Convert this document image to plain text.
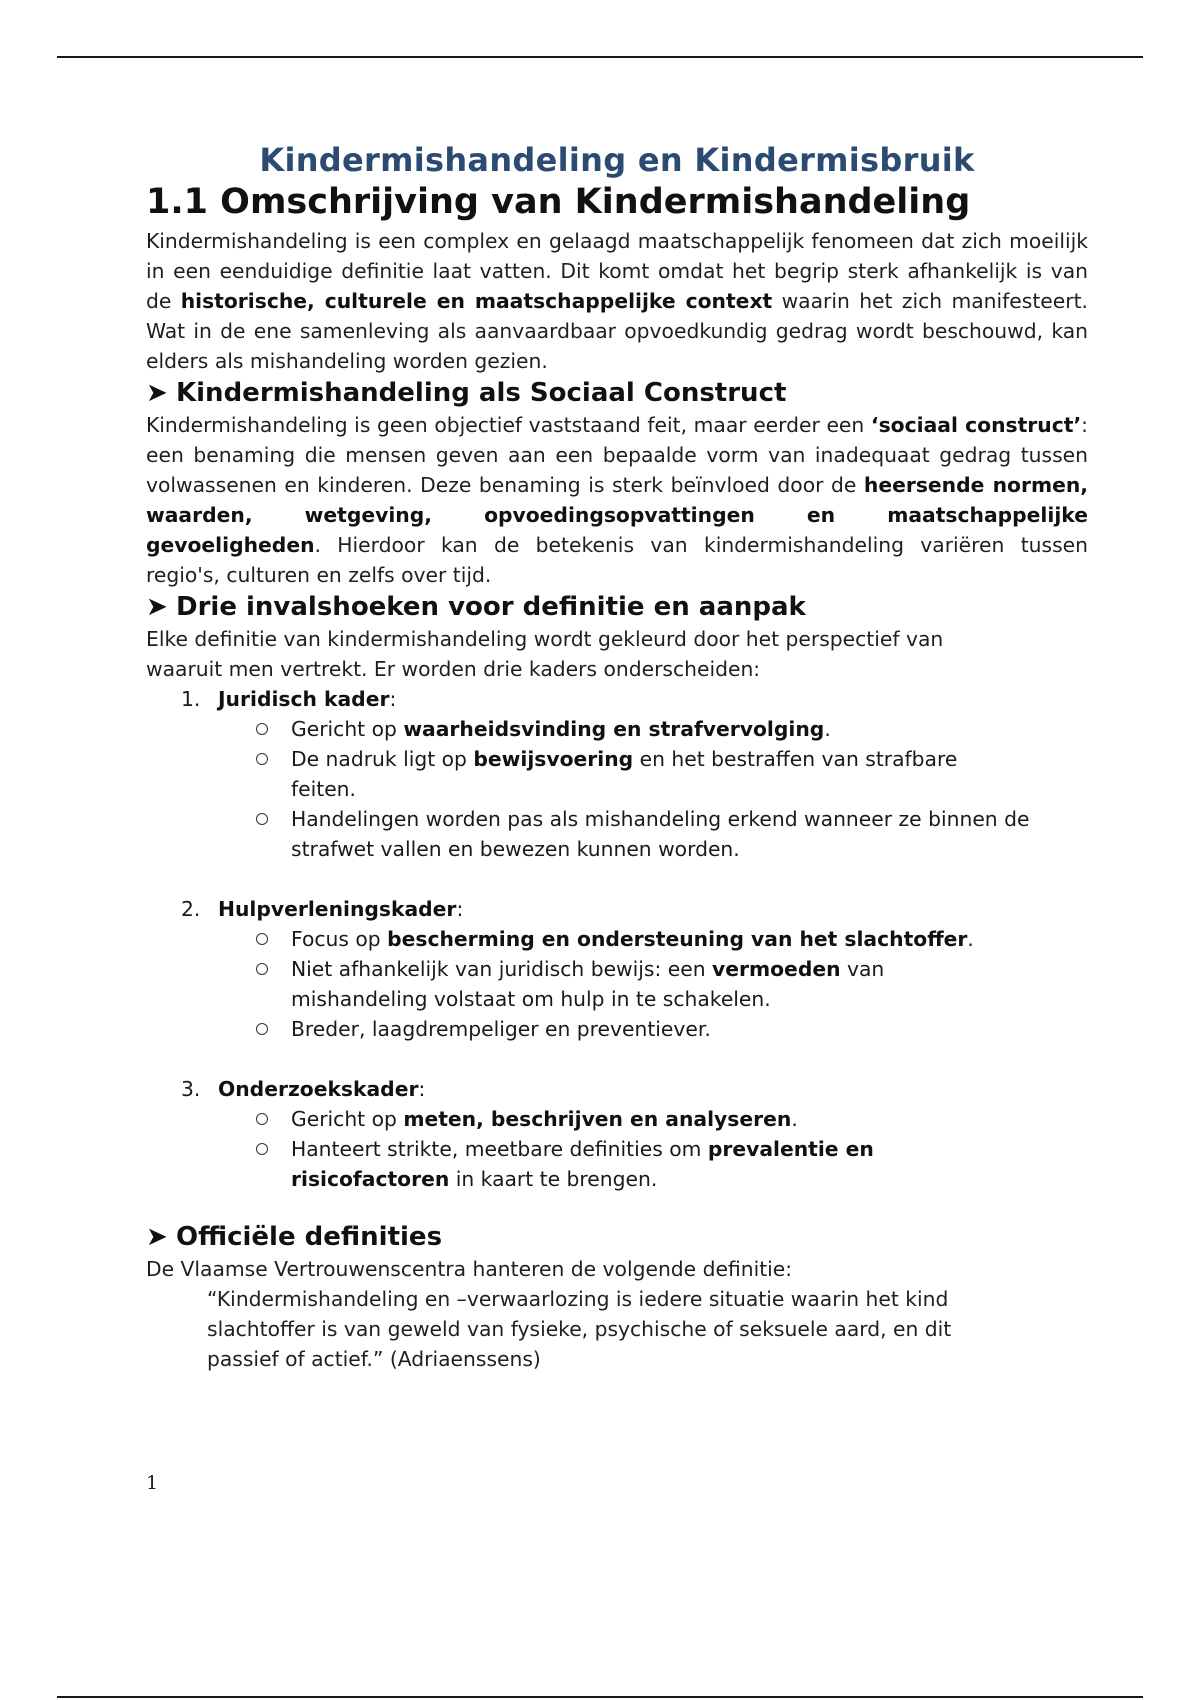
Kindermishandeling en Kindermisbruik
1.1 Omschrijving van Kindermishandeling

Kindermishandeling is een complex en gelaagd maatschappelijk fenomeen dat zich moeilijk in een eenduidige definitie laat vatten. Dit komt omdat het begrip sterk afhankelijk is van de historische, culturele en maatschappelijke context waarin het zich manifesteert. Wat in de ene samenleving als aanvaardbaar opvoedkundig gedrag wordt beschouwd, kan elders als mishandeling worden gezien.

➤ Kindermishandeling als Sociaal Construct

Kindermishandeling is geen objectief vaststaand feit, maar eerder een ‘sociaal construct’: een benaming die mensen geven aan een bepaalde vorm van inadequaat gedrag tussen volwassenen en kinderen. Deze benaming is sterk beïnvloed door de heersende normen, waarden, wetgeving, opvoedingsopvattingen en maatschappelijke gevoeligheden. Hierdoor kan de betekenis van kindermishandeling variëren tussen regio's, culturen en zelfs over tijd.

➤ Drie invalshoeken voor definitie en aanpak

Elke definitie van kindermishandeling wordt gekleurd door het perspectief van waaruit men vertrekt. Er worden drie kaders onderscheiden:

1. Juridisch kader:
Gericht op waarheidsvinding en strafvervolging.
De nadruk ligt op bewijsvoering en het bestraffen van strafbare feiten.
Handelingen worden pas als mishandeling erkend wanneer ze binnen de strafwet vallen en bewezen kunnen worden.
2. Hulpverleningskader:
Focus op bescherming en ondersteuning van het slachtoffer.
Niet afhankelijk van juridisch bewijs: een vermoeden van mishandeling volstaat om hulp in te schakelen.
Breder, laagdrempeliger en preventiever.
3. Onderzoekskader:
Gericht op meten, beschrijven en analyseren.
Hanteert strikte, meetbare definities om prevalentie en risicofactoren in kaart te brengen.
➤ Officiële definities

De Vlaamse Vertrouwenscentra hanteren de volgende definitie:

“Kindermishandeling en –verwaarlozing is iedere situatie waarin het kind slachtoffer is van geweld van fysieke, psychische of seksuele aard, en dit passief of actief.” (Adriaenssens)

1
